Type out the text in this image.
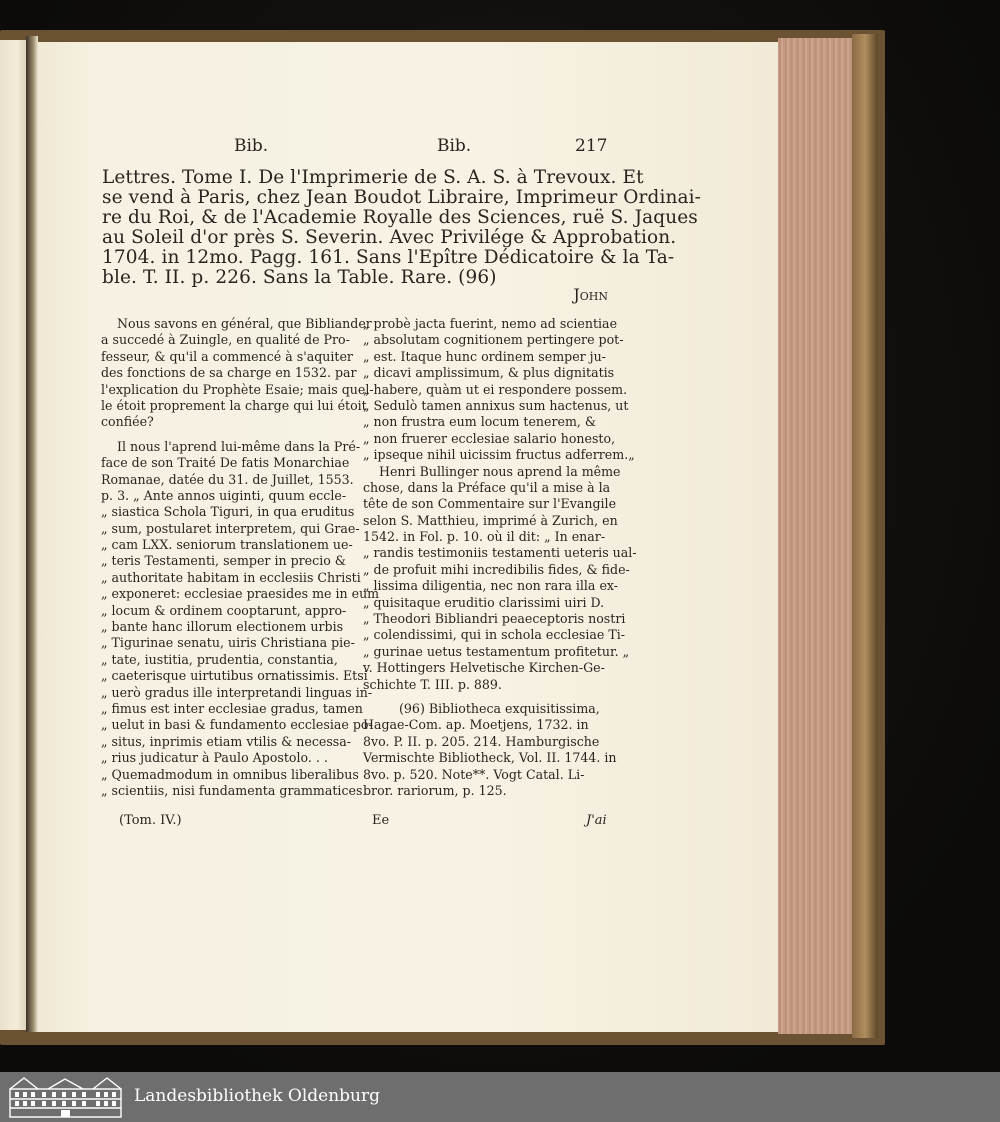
Bib.	Bib.	217
Lettres. Tome I. De l'Imprimerie de S. A. S. à Trevoux. Et
se vend à Paris, chez Jean Boudot Libraire, Imprimeur Ordinai-
re du Roi, & de l'Academie Royalle des Sciences, ruë S. Jaques
au Soleil d'or près S. Severin. Avec Privilége & Approbation.
1704. in 12mo. Pagg. 161. Sans l'Epître Dédicatoire & la Ta-
ble. T. II. p. 226. Sans la Table. Rare. (96)
John
Nous savons en général, que Bibliander
a succedé à Zuingle, en qualité de Pro-
fesseur, & qu'il a commencé à s'aquiter
des fonctions de sa charge en 1532. par
l'explication du Prophète Esaie; mais quel-
le étoit proprement la charge qui lui étoit
confiée?
Il nous l'aprend lui-même dans la Pré-
face de son Traité De fatis Monarchiae
Romanae, datée du 31. de Juillet, 1553.
p. 3. „ Ante annos uiginti, quum eccle-
„ siastica Schola Tiguri, in qua eruditus
„ sum, postularet interpretem, qui Grae-
„ cam LXX. seniorum translationem ue-
„ teris Testamenti, semper in precio &
„ authoritate habitam in ecclesiis Christi
„ exponeret: ecclesiae praesides me in eum
„ locum & ordinem cooptarunt, appro-
„ bante hanc illorum electionem urbis
„ Tigurinae senatu, uiris Christiana pie-
„ tate, iustitia, prudentia, constantia,
„ caeterisque uirtutibus ornatissimis. Etsi
„ uerò gradus ille interpretandi linguas in-
„ fimus est inter ecclesiae gradus, tamen
„ uelut in basi & fundamento ecclesiae po-
„ situs, inprimis etiam vtilis & necessa-
„ rius judicatur à Paulo Apostolo. . .
„ Quemadmodum in omnibus liberalibus
„ scientiis, nisi fundamenta grammatices
„ probè jacta fuerint, nemo ad scientiae
„ absolutam cognitionem pertingere pot-
„ est. Itaque hunc ordinem semper ju-
„ dicavi amplissimum, & plus dignitatis
„ habere, quàm ut ei respondere possem.
„ Sedulò tamen annixus sum hactenus, ut
„ non frustra eum locum tenerem, &
„ non fruerer ecclesiae salario honesto,
„ ipseque nihil uicissim fructus adferrem.„
Henri Bullinger nous aprend la même
chose, dans la Préface qu'il a mise à la
tête de son Commentaire sur l'Evangile
selon S. Matthieu, imprimé à Zurich, en
1542. in Fol. p. 10. où il dit: „ In enar-
„ randis testimoniis testamenti ueteris ual-
„ de profuit mihi incredibilis fides, & fide-
„ lissima diligentia, nec non rara illa ex-
„ quisitaque eruditio clarissimi uiri D.
„ Theodori Bibliandri peaeceptoris nostri
„ colendissimi, qui in schola ecclesiae Ti-
„ gurinae uetus testamentum profitetur. „
v. Hottingers Helvetische Kirchen-Ge-
schichte T. III. p. 889.
(96) Bibliotheca exquisitissima,
Hagae-Com. ap. Moetjens, 1732. in
8vo. P. II. p. 205. 214. Hamburgische
Vermischte Bibliotheck, Vol. II. 1744. in
8vo. p. 520. Note**. Vogt Catal. Li-
bror. rariorum, p. 125.
(Tom. IV.)	Ee	J'ai
Landesbibliothek Oldenburg
